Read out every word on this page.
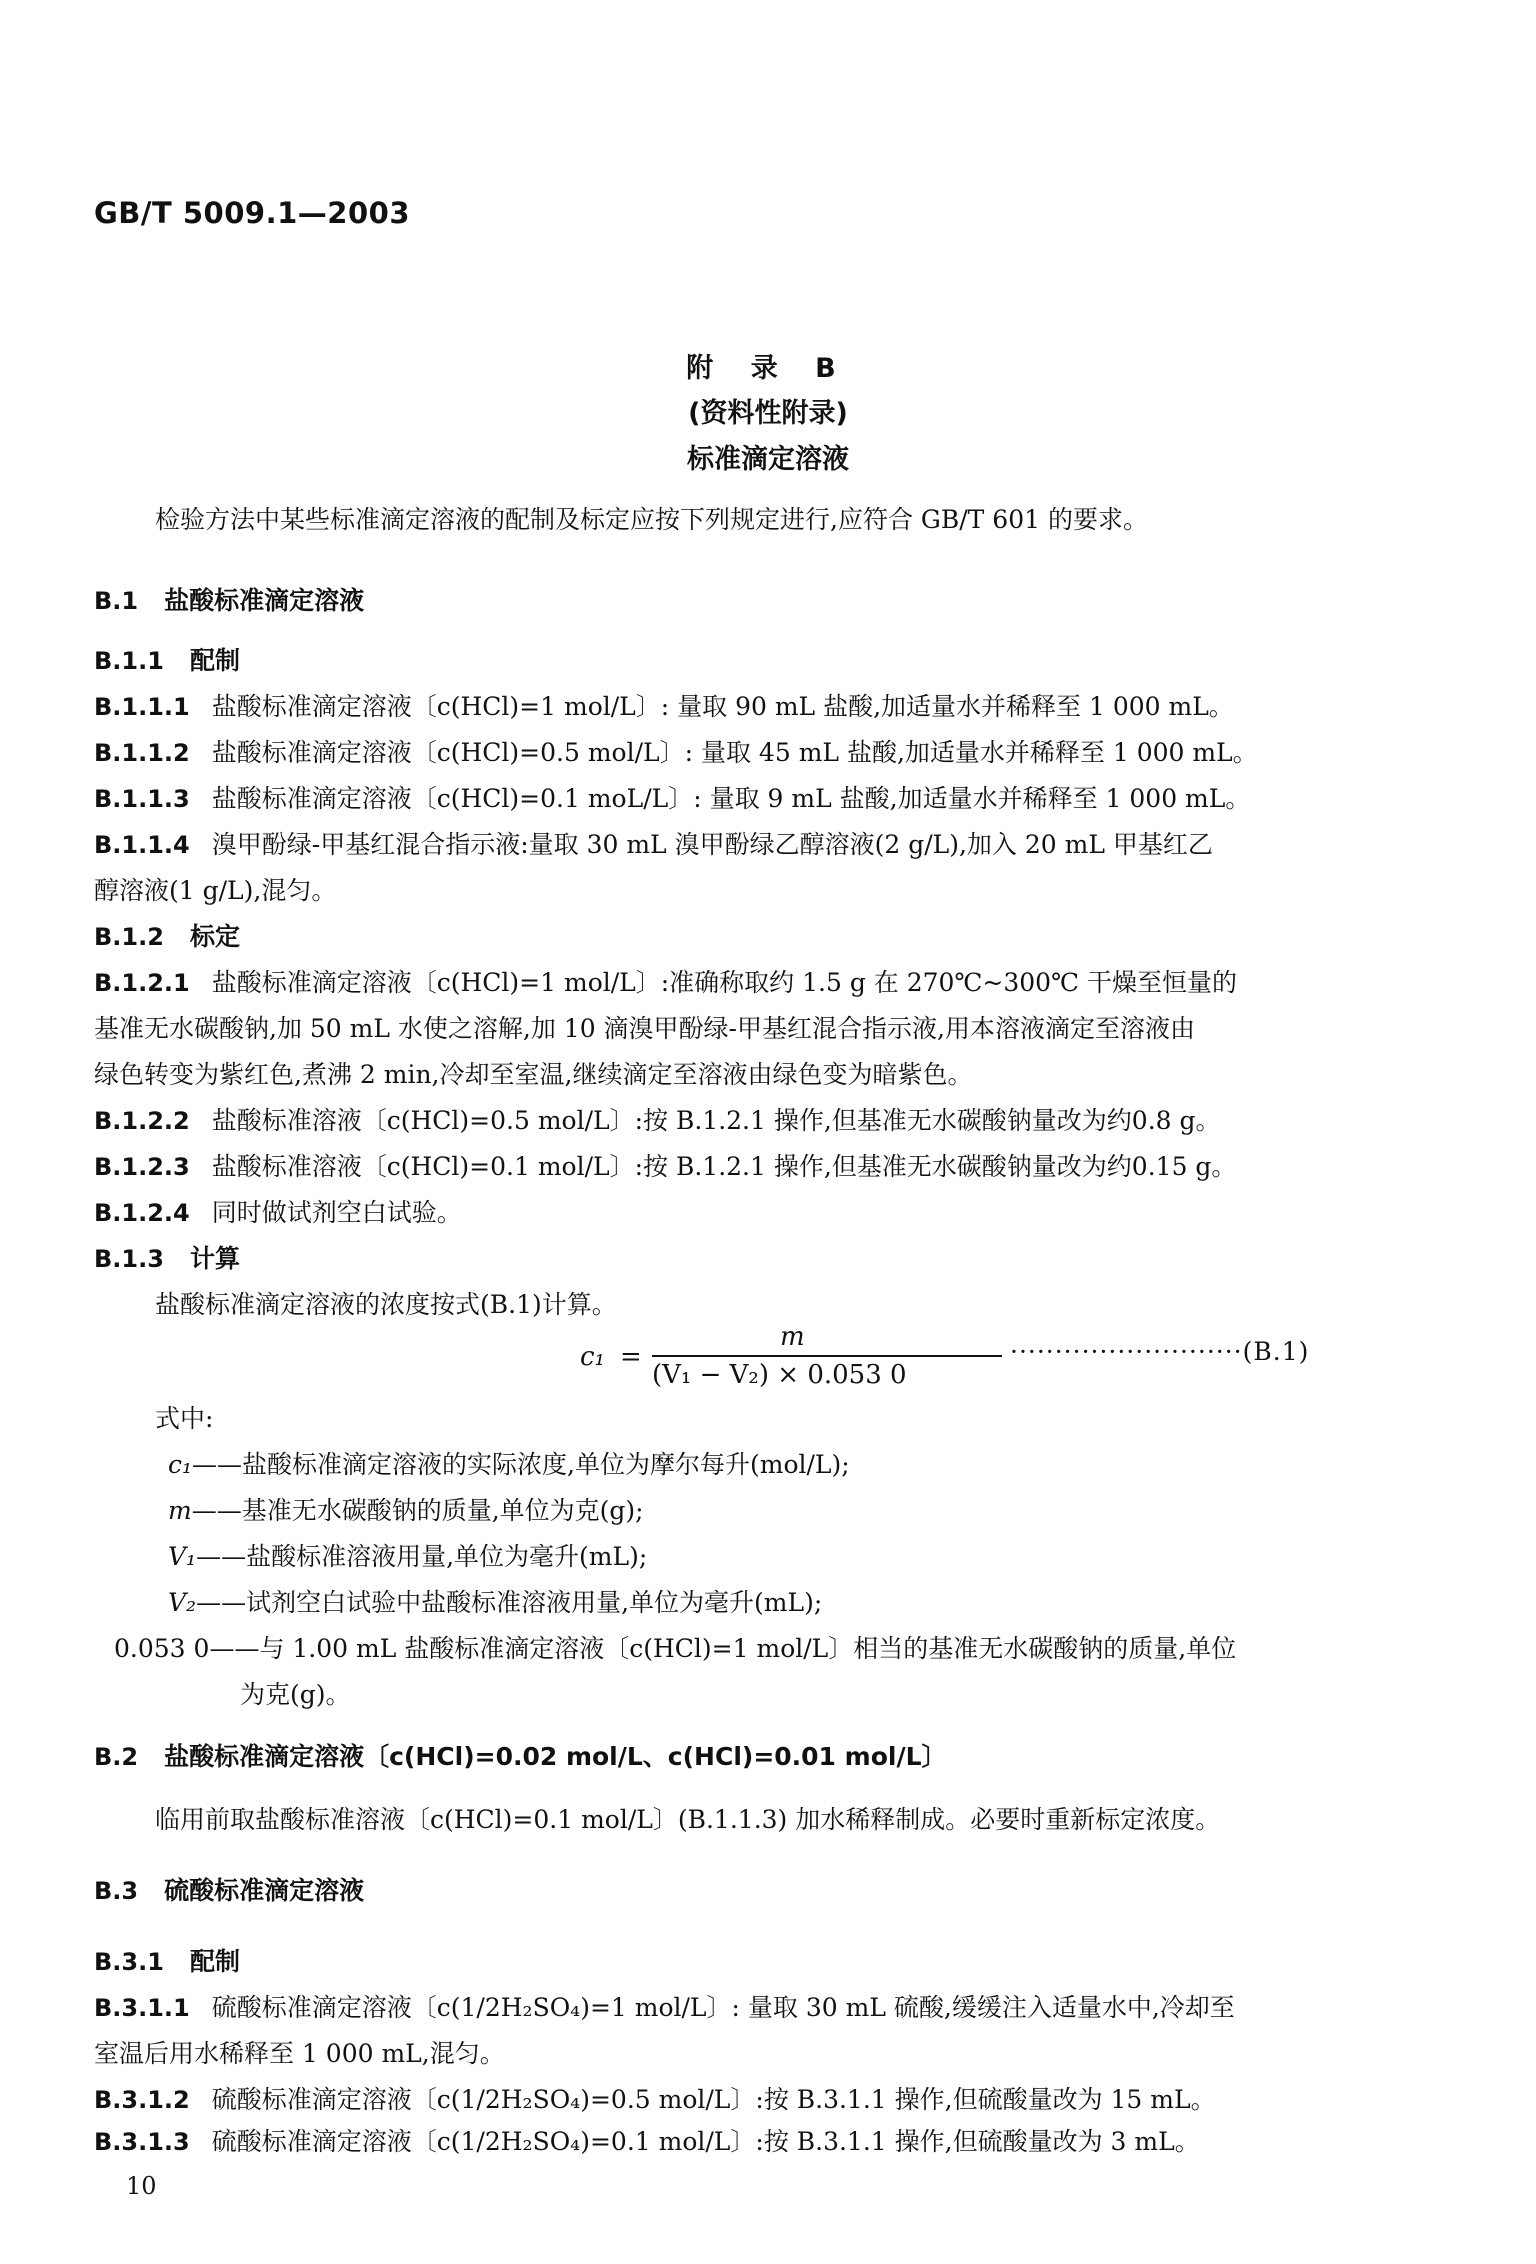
GB/T 5009.1—2003
附 录 B
(资料性附录)
标准滴定溶液
检验方法中某些标准滴定溶液的配制及标定应按下列规定进行,应符合 GB/T 601 的要求。
B.1 盐酸标准滴定溶液
B.1.1 配制
B.1.1.1 盐酸标准滴定溶液〔c(HCl)=1 mol/L〕: 量取 90 mL 盐酸,加适量水并稀释至 1 000 mL。
B.1.1.2 盐酸标准滴定溶液〔c(HCl)=0.5 mol/L〕: 量取 45 mL 盐酸,加适量水并稀释至 1 000 mL。
B.1.1.3 盐酸标准滴定溶液〔c(HCl)=0.1 moL/L〕: 量取 9 mL 盐酸,加适量水并稀释至 1 000 mL。
B.1.1.4 溴甲酚绿-甲基红混合指示液:量取 30 mL 溴甲酚绿乙醇溶液(2 g/L),加入 20 mL 甲基红乙
醇溶液(1 g/L),混匀。
B.1.2 标定
B.1.2.1 盐酸标准滴定溶液〔c(HCl)=1 mol/L〕:准确称取约 1.5 g 在 270℃~300℃ 干燥至恒量的
基准无水碳酸钠,加 50 mL 水使之溶解,加 10 滴溴甲酚绿-甲基红混合指示液,用本溶液滴定至溶液由
绿色转变为紫红色,煮沸 2 min,冷却至室温,继续滴定至溶液由绿色变为暗紫色。
B.1.2.2 盐酸标准溶液〔c(HCl)=0.5 mol/L〕:按 B.1.2.1 操作,但基准无水碳酸钠量改为约0.8 g。
B.1.2.3 盐酸标准溶液〔c(HCl)=0.1 mol/L〕:按 B.1.2.1 操作,但基准无水碳酸钠量改为约0.15 g。
B.1.2.4 同时做试剂空白试验。
B.1.3 计算
盐酸标准滴定溶液的浓度按式(B.1)计算。
c₁ =
m
(V₁ − V₂) × 0.053 0
··························(B.1)
式中:
c₁——盐酸标准滴定溶液的实际浓度,单位为摩尔每升(mol/L);
m——基准无水碳酸钠的质量,单位为克(g);
V₁——盐酸标准溶液用量,单位为毫升(mL);
V₂——试剂空白试验中盐酸标准溶液用量,单位为毫升(mL);
0.053 0——与 1.00 mL 盐酸标准滴定溶液〔c(HCl)=1 mol/L〕相当的基准无水碳酸钠的质量,单位
为克(g)。
B.2 盐酸标准滴定溶液〔c(HCl)=0.02 mol/L、c(HCl)=0.01 mol/L〕
临用前取盐酸标准溶液〔c(HCl)=0.1 mol/L〕(B.1.1.3) 加水稀释制成。必要时重新标定浓度。
B.3 硫酸标准滴定溶液
B.3.1 配制
B.3.1.1 硫酸标准滴定溶液〔c(1/2H₂SO₄)=1 mol/L〕: 量取 30 mL 硫酸,缓缓注入适量水中,冷却至
室温后用水稀释至 1 000 mL,混匀。
B.3.1.2 硫酸标准滴定溶液〔c(1/2H₂SO₄)=0.5 mol/L〕:按 B.3.1.1 操作,但硫酸量改为 15 mL。
B.3.1.3 硫酸标准滴定溶液〔c(1/2H₂SO₄)=0.1 mol/L〕:按 B.3.1.1 操作,但硫酸量改为 3 mL。
10
